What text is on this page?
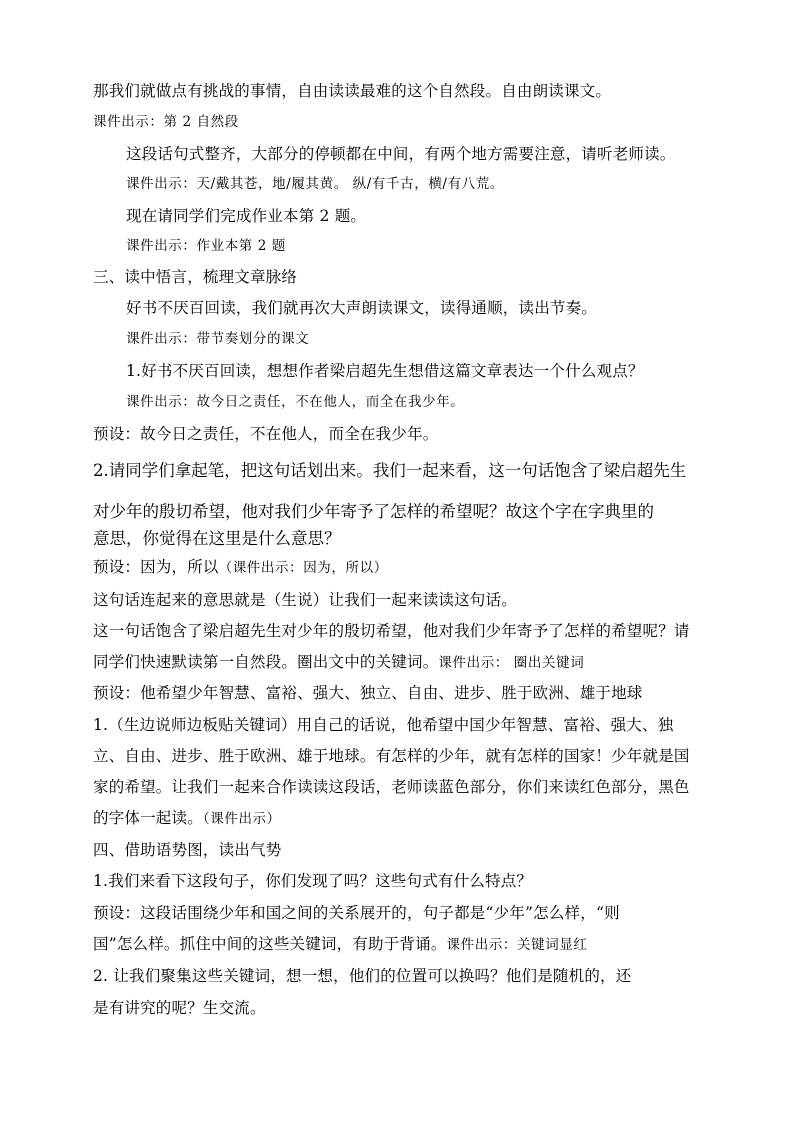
那我们就做点有挑战的事情，自由读读最难的这个自然段。自由朗读课文。
课件出示：第 2 自然段
这段话句式整齐，大部分的停顿都在中间，有两个地方需要注意，请听老师读。
课件出示：天/戴其苍，地/履其黄。 纵/有千古，横/有八荒。
现在请同学们完成作业本第 2 题。
课件出示：作业本第 2 题
三、读中悟言，梳理文章脉络
好书不厌百回读，我们就再次大声朗读课文，读得通顺，读出节奏。
课件出示：带节奏划分的课文
1.好书不厌百回读，想想作者梁启超先生想借这篇文章表达一个什么观点？
课件出示：故今日之责任，不在他人，而全在我少年。
预设：故今日之责任，不在他人，而全在我少年。
2.请同学们拿起笔，把这句话划出来。我们一起来看，这一句话饱含了梁启超先生
对少年的殷切希望，他对我们少年寄予了怎样的希望呢？故这个字在字典里的
意思，你觉得在这里是什么意思？
预设：因为，所以（课件出示：因为，所以）
这句话连起来的意思就是（生说）让我们一起来读读这句话。
这一句话饱含了梁启超先生对少年的殷切希望，他对我们少年寄予了怎样的希望呢？请
同学们快速默读第一自然段。圈出文中的关键词。课件出示： 圈出关键词
预设：他希望少年智慧、富裕、强大、独立、自由、进步、胜于欧洲、雄于地球
1.（生边说师边板贴关键词）用自己的话说，他希望中国少年智慧、富裕、强大、独
立、自由、进步、胜于欧洲、雄于地球。有怎样的少年，就有怎样的国家！少年就是国
家的希望。让我们一起来合作读读这段话，老师读蓝色部分，你们来读红色部分，黑色
的字体一起读。（课件出示）
四、借助语势图，读出气势
1.我们来看下这段句子，你们发现了吗？这些句式有什么特点？
预设：这段话围绕少年和国之间的关系展开的，句子都是“少年”怎么样，“则
国”怎么样。抓住中间的这些关键词，有助于背诵。课件出示：关键词显红
2. 让我们聚集这些关键词，想一想，他们的位置可以换吗？他们是随机的，还
是有讲究的呢？生交流。
